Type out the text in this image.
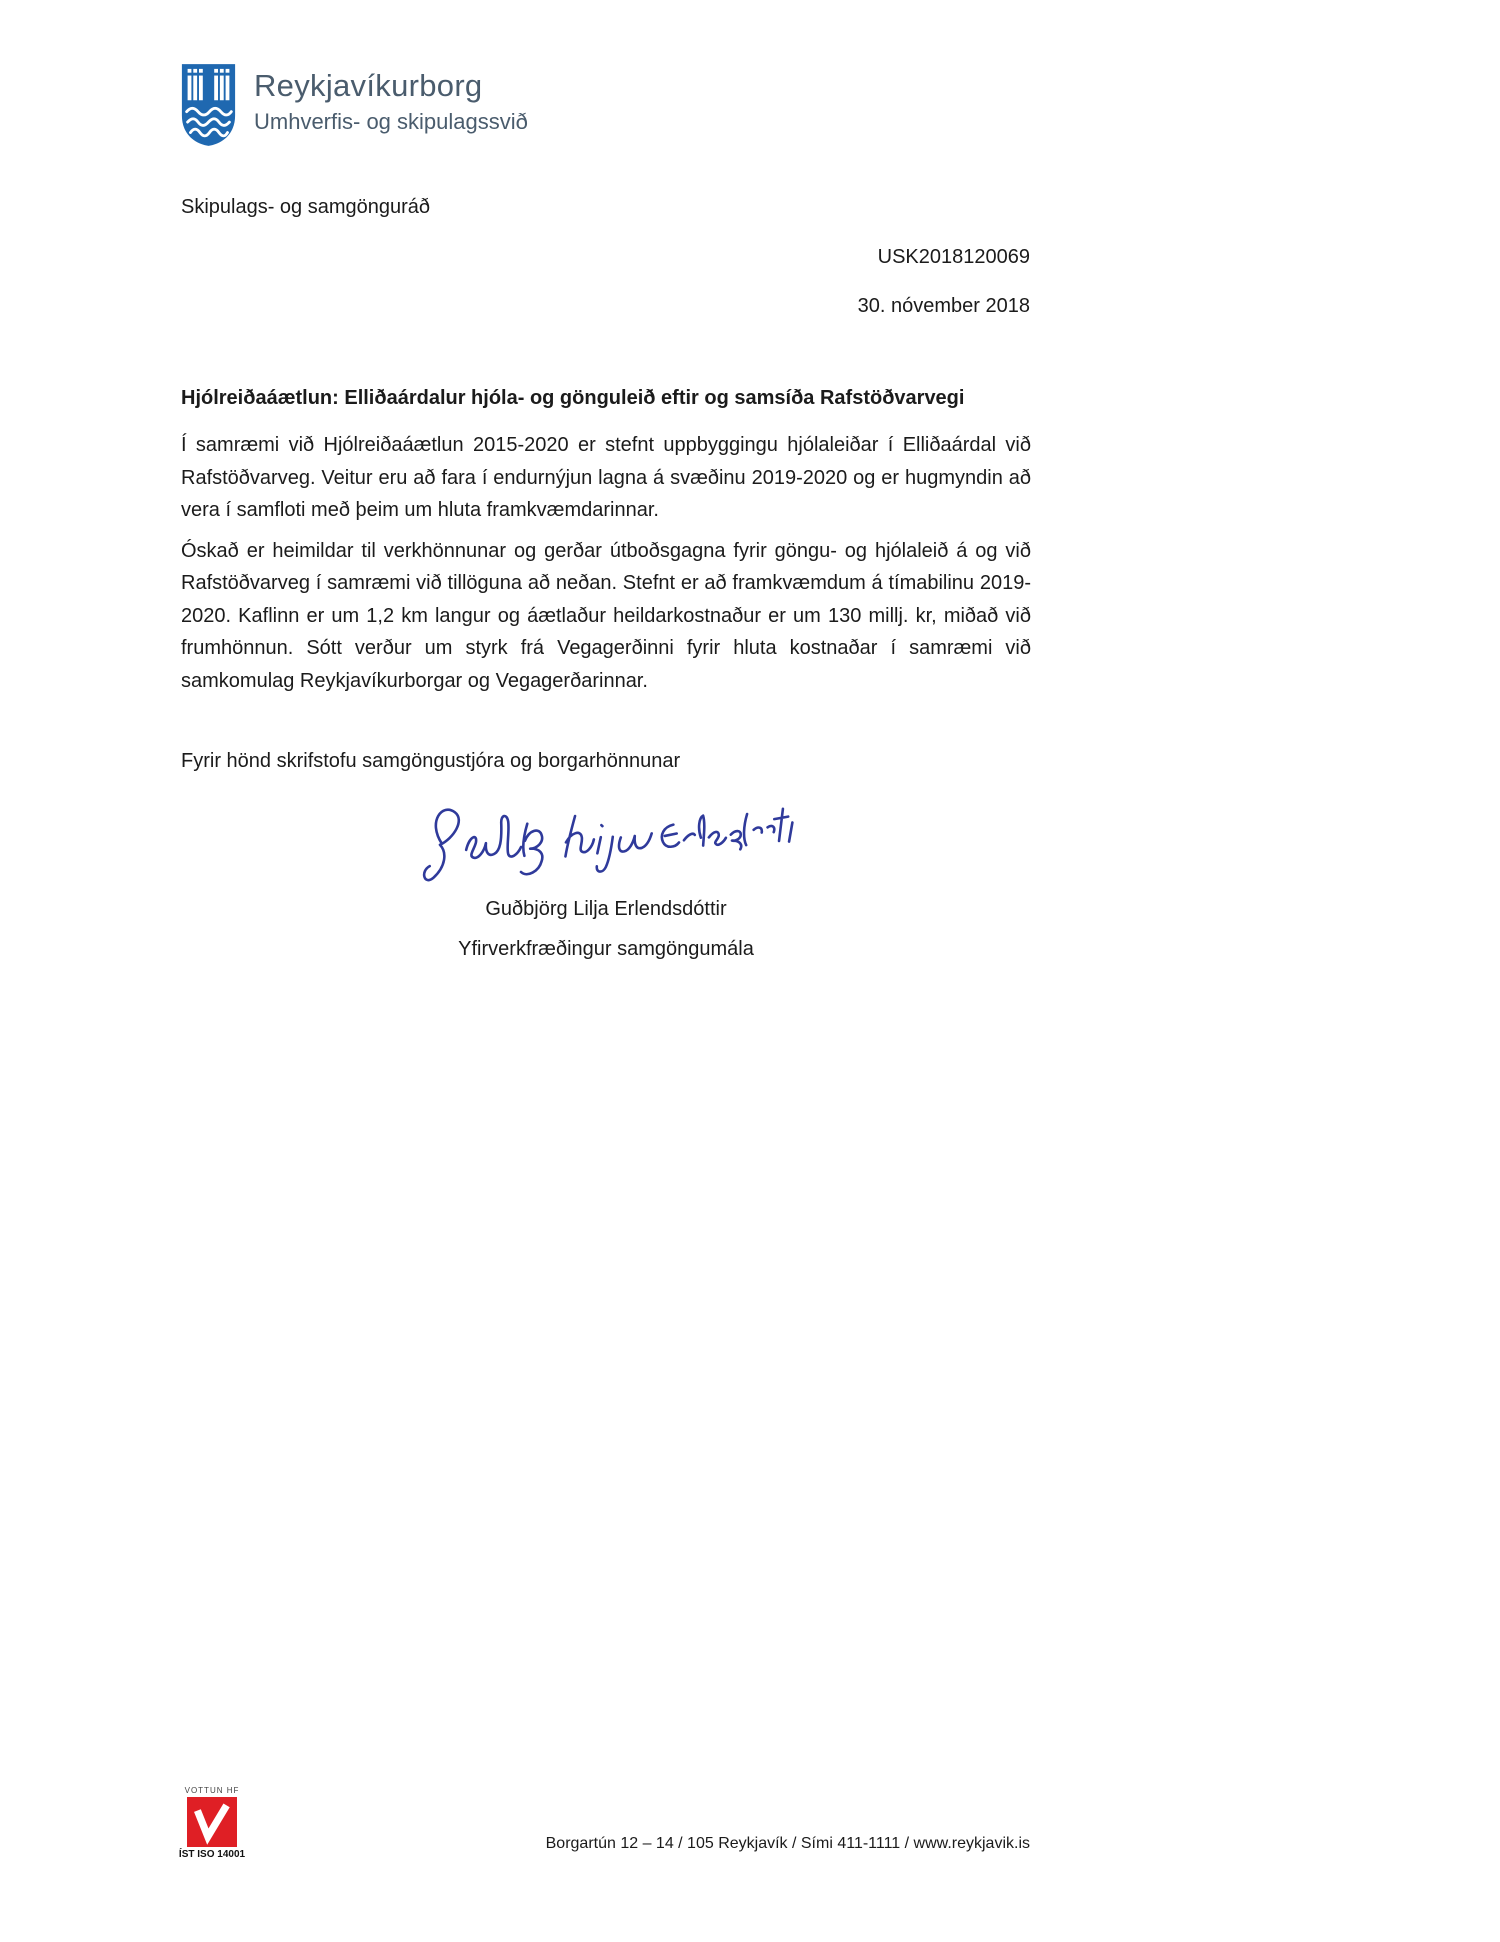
Reykjavíkurborg
Umhverfis- og skipulagssvið
Skipulags- og samgönguráð
USK2018120069
30. nóvember 2018
Hjólreiðaáætlun: Elliðaárdalur hjóla- og gönguleið eftir og samsíða Rafstöðvarvegi

Í samræmi við Hjólreiðaáætlun 2015-2020 er stefnt uppbyggingu hjólaleiðar í Elliðaárdal við Rafstöðvarveg. Veitur eru að fara í endurnýjun lagna á svæðinu 2019-2020 og er hugmyndin að vera í samfloti með þeim um hluta framkvæmdarinnar.

Óskað er heimildar til verkhönnunar og gerðar útboðsgagna fyrir göngu- og hjólaleið á og við Rafstöðvarveg í samræmi við tillöguna að neðan. Stefnt er að framkvæmdum á tímabilinu 2019-2020. Kaflinn er um 1,2 km langur og áætlaður heildarkostnaður er um 130 millj. kr, miðað við frumhönnun. Sótt verður um styrk frá Vegagerðinni fyrir hluta kostnaðar í samræmi við samkomulag Reykjavíkurborgar og Vegagerðarinnar.

Fyrir hönd skrifstofu samgöngustjóra og borgarhönnunar
Guðbjörg Lilja Erlendsdóttir
Yfirverkfræðingur samgöngumála
VOTTUN HF
ÍST ISO 14001
Borgartún 12 – 14 / 105 Reykjavík / Sími 411-1111 / www.reykjavik.is
